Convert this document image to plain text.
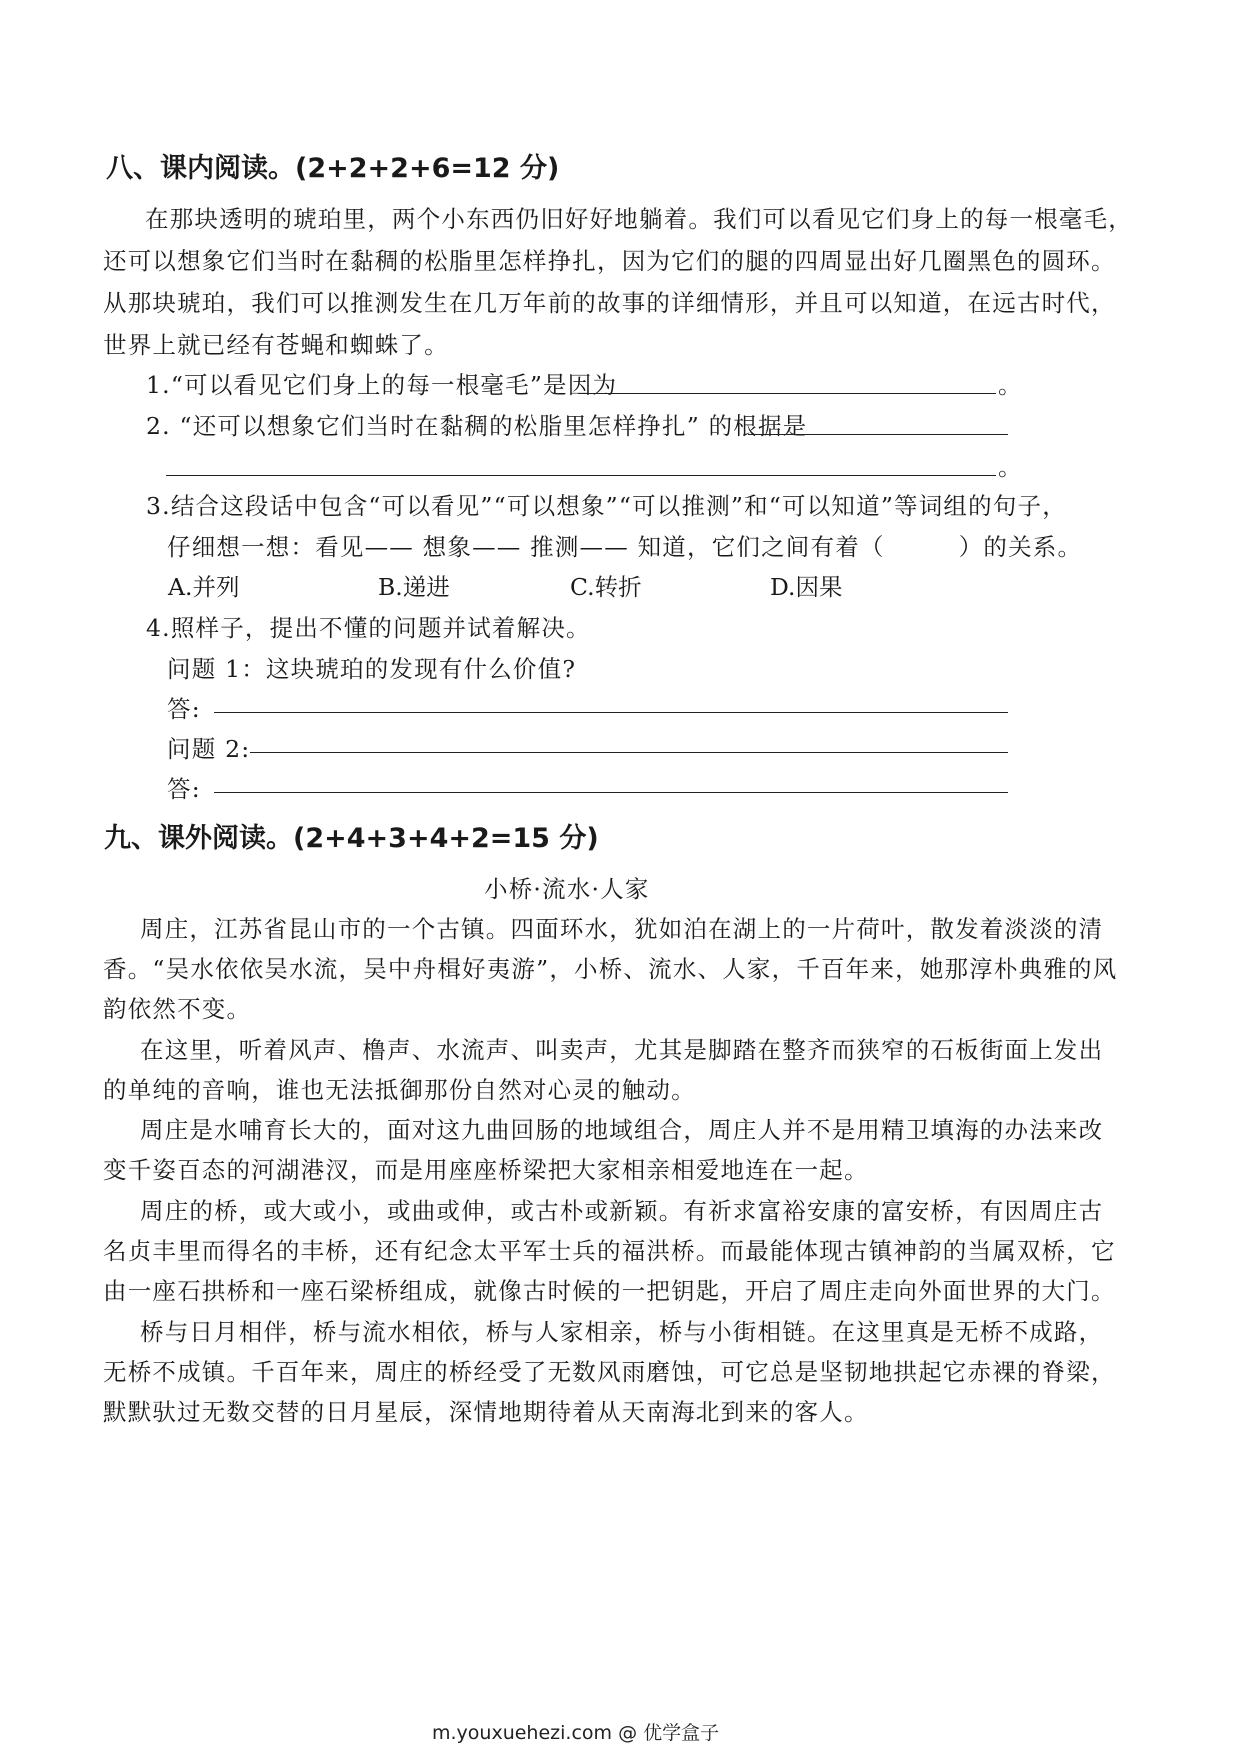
八、课内阅读。(2+2+2+6=12 分)
在那块透明的琥珀里，两个小东西仍旧好好地躺着。我们可以看见它们身上的每一根毫毛，
还可以想象它们当时在黏稠的松脂里怎样挣扎，因为它们的腿的四周显出好几圈黑色的圆环。
从那块琥珀，我们可以推测发生在几万年前的故事的详细情形，并且可以知道，在远古时代，
世界上就已经有苍蝇和蜘蛛了。
1.“可以看见它们身上的每一根毫毛”是因为	。
2. “还可以想象它们当时在黏稠的松脂里怎样挣扎” 的根据是
。
3.结合这段话中包含“可以看见”“可以想象”“可以推测”和“可以知道”等词组的句子，
仔细想一想：看见—— 想象—— 推测—— 知道，它们之间有着（　　　）的关系。
A.并列	B.递进	C.转折	D.因果
4.照样子，提出不懂的问题并试着解决。
问题 1：这块琥珀的发现有什么价值?
答:
问题 2:
答:
九、课外阅读。(2+4+3+4+2=15 分)
小桥·流水·人家
周庄，江苏省昆山市的一个古镇。四面环水，犹如泊在湖上的一片荷叶，散发着淡淡的清
香。“吴水依依吴水流，吴中舟楫好夷游”，小桥、流水、人家，千百年来，她那淳朴典雅的风
韵依然不变。
在这里，听着风声、橹声、水流声、叫卖声，尤其是脚踏在整齐而狭窄的石板街面上发出
的单纯的音响，谁也无法抵御那份自然对心灵的触动。
周庄是水哺育长大的，面对这九曲回肠的地域组合，周庄人并不是用精卫填海的办法来改
变千姿百态的河湖港汊，而是用座座桥梁把大家相亲相爱地连在一起。
周庄的桥，或大或小，或曲或伸，或古朴或新颖。有祈求富裕安康的富安桥，有因周庄古
名贞丰里而得名的丰桥，还有纪念太平军士兵的福洪桥。而最能体现古镇神韵的当属双桥，它
由一座石拱桥和一座石梁桥组成，就像古时候的一把钥匙，开启了周庄走向外面世界的大门。
桥与日月相伴，桥与流水相依，桥与人家相亲，桥与小街相链。在这里真是无桥不成路，
无桥不成镇。千百年来，周庄的桥经受了无数风雨磨蚀，可它总是坚韧地拱起它赤裸的脊梁，
默默驮过无数交替的日月星辰，深情地期待着从天南海北到来的客人。
m.youxuehezi.com @ 优学盒子
